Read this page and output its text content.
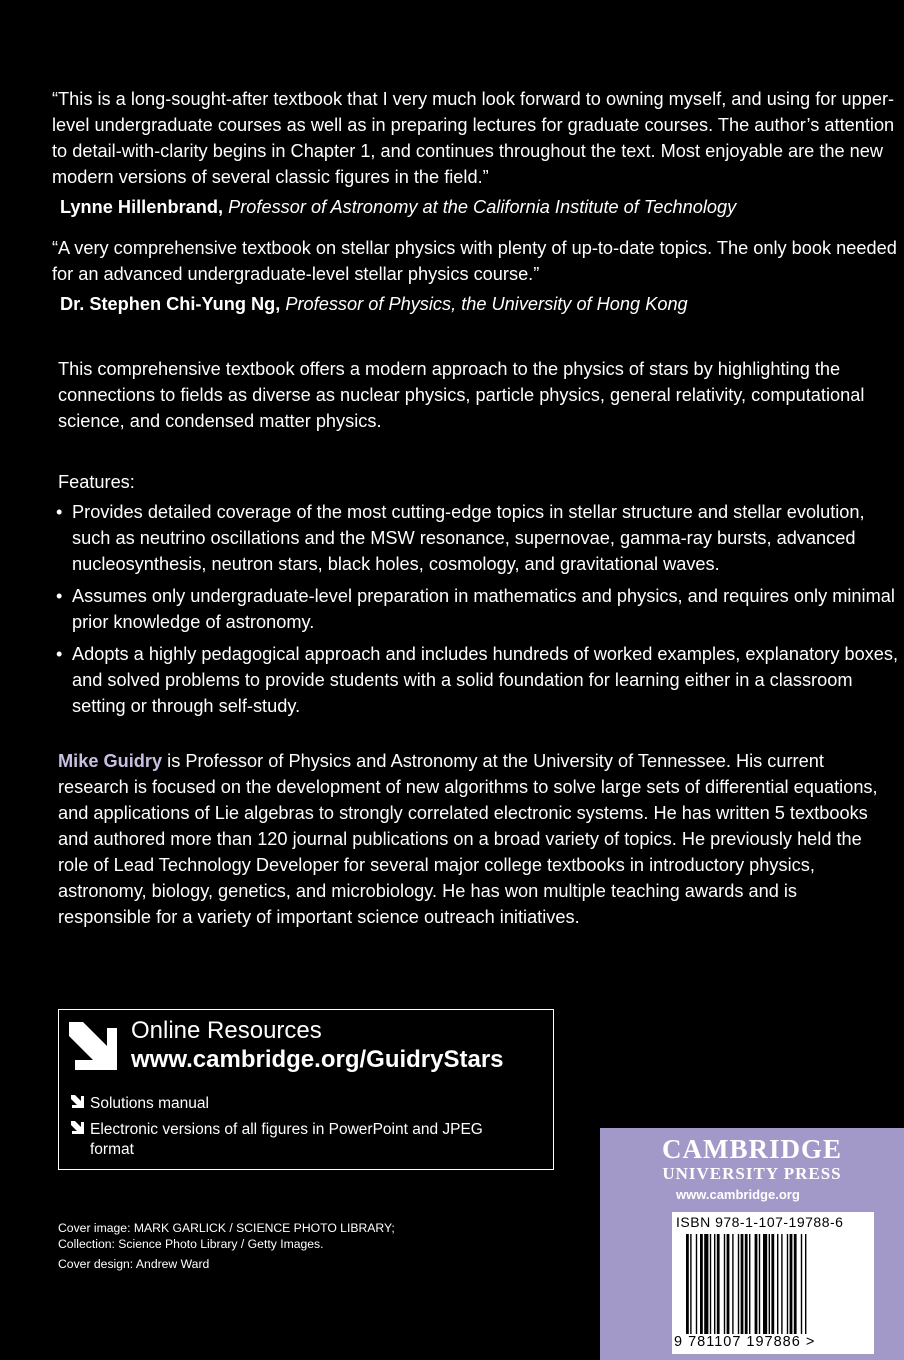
“This is a long-sought-after textbook that I very much look forward to owning myself, and using for upper-level undergraduate courses as well as in preparing lectures for graduate courses. The author’s attention to detail-with-clarity begins in Chapter 1, and continues throughout the text. Most enjoyable are the new modern versions of several classic figures in the field.”
Lynne Hillenbrand, Professor of Astronomy at the California Institute of Technology
“A very comprehensive textbook on stellar physics with plenty of up-to-date topics. The only book needed for an advanced undergraduate-level stellar physics course.”
Dr. Stephen Chi-Yung Ng, Professor of Physics, the University of Hong Kong
This comprehensive textbook offers a modern approach to the physics of stars by highlighting the connections to fields as diverse as nuclear physics, particle physics, general relativity, computational science, and condensed matter physics.
Features:
• Provides detailed coverage of the most cutting-edge topics in stellar structure and stellar evolution, such as neutrino oscillations and the MSW resonance, supernovae, gamma-ray bursts, advanced nucleosynthesis, neutron stars, black holes, cosmology, and gravitational waves.
• Assumes only undergraduate-level preparation in mathematics and physics, and requires only minimal prior knowledge of astronomy.
• Adopts a highly pedagogical approach and includes hundreds of worked examples, explanatory boxes, and solved problems to provide students with a solid foundation for learning either in a classroom setting or through self-study.
Mike Guidry is Professor of Physics and Astronomy at the University of Tennessee. His current research is focused on the development of new algorithms to solve large sets of differential equations, and applications of Lie algebras to strongly correlated electronic systems. He has written 5 textbooks and authored more than 120 journal publications on a broad variety of topics. He previously held the role of Lead Technology Developer for several major college textbooks in introductory physics, astronomy, biology, genetics, and microbiology. He has won multiple teaching awards and is responsible for a variety of important science outreach initiatives.
Online Resources
www.cambridge.org/GuidryStars
Solutions manual
Electronic versions of all figures in PowerPoint and JPEG format
Cover image: MARK GARLICK / SCIENCE PHOTO LIBRARY;
Collection: Science Photo Library / Getty Images.
Cover design: Andrew Ward
CAMBRIDGE
UNIVERSITY PRESS
www.cambridge.org
ISBN 978-1-107-19788-6
9 781107 197886 >
